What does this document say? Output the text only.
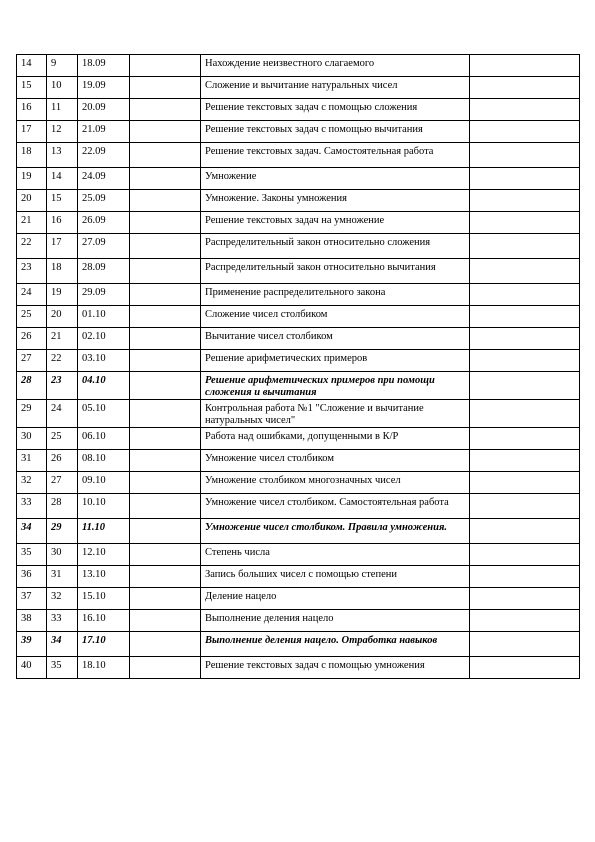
14	9	18.09		Нахождение неизвестного слагаемого	
15	10	19.09		Сложение и вычитание натуральных чисел	
16	11	20.09		Решение текстовых задач с помощью сложения	
17	12	21.09		Решение текстовых задач с помощью вычитания	
18	13	22.09		Решение текстовых задач. Самостоятельная работа	
19	14	24.09		Умножение	
20	15	25.09		Умножение. Законы умножения	
21	16	26.09		Решение текстовых задач на умножение	
22	17	27.09		Распределительный закон относительно сложения	
23	18	28.09		Распределительный закон относительно вычитания	
24	19	29.09		Применение распределительного закона	
25	20	01.10		Сложение чисел столбиком	
26	21	02.10		Вычитание чисел столбиком	
27	22	03.10		Решение арифметических примеров	
28	23	04.10		Решение арифметических примеров при помощи сложения и вычитания	
29	24	05.10		Контрольная работа №1 "Сложение и вычитание натуральных чисел"	
30	25	06.10		Работа над ошибками, допущенными в К/Р	
31	26	08.10		Умножение чисел столбиком	
32	27	09.10		Умножение столбиком многозначных чисел	
33	28	10.10		Умножение чисел столбиком. Самостоятельная работа	
34	29	11.10		Умножение чисел столбиком. Правила умножения.	
35	30	12.10		Степень числа	
36	31	13.10		Запись больших чисел с помощью степени	
37	32	15.10		Деление нацело	
38	33	16.10		Выполнение деления нацело	
39	34	17.10		Выполнение деления нацело. Отработка навыков	
40	35	18.10		Решение текстовых задач с помощью умножения	
